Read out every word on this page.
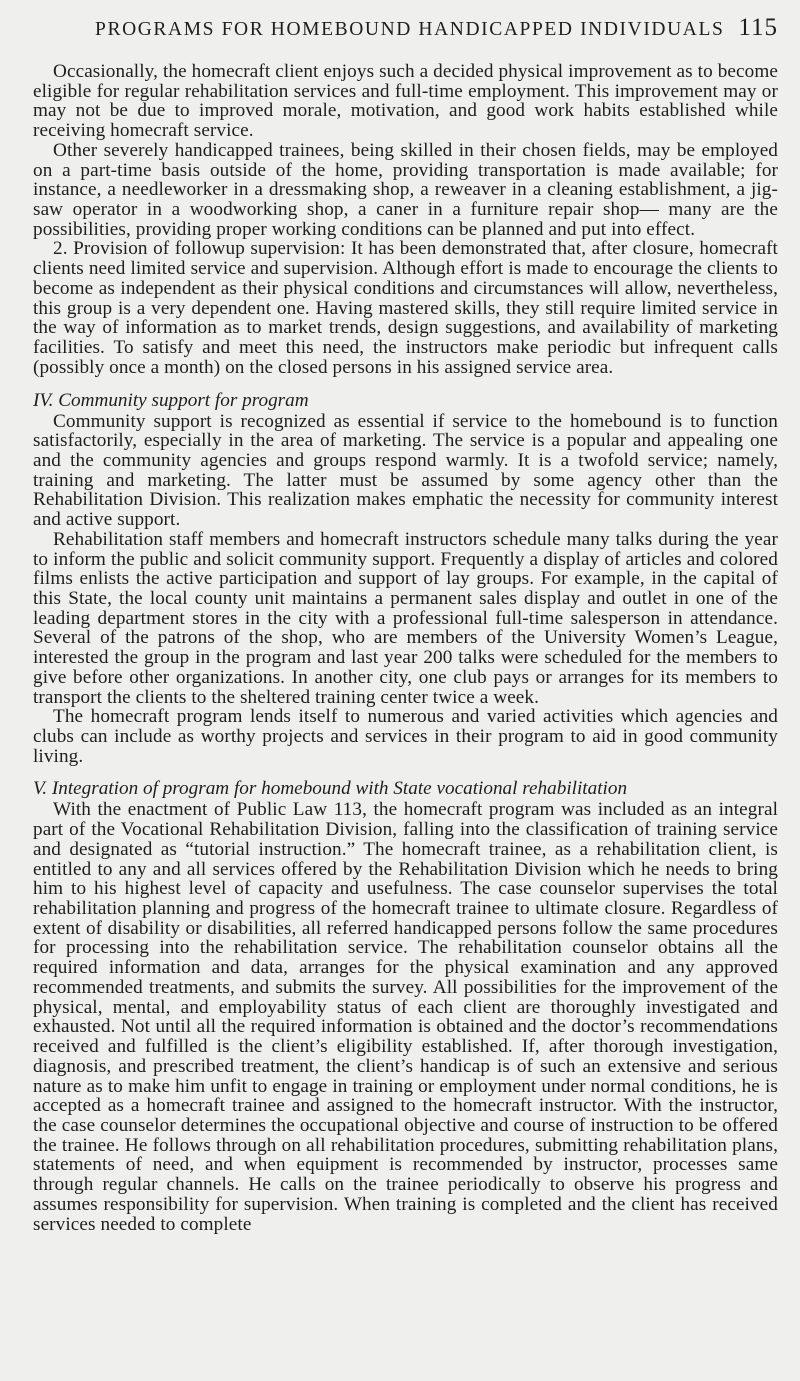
PROGRAMS FOR HOMEBOUND HANDICAPPED INDIVIDUALS 115

Occasionally, the homecraft client enjoys such a decided physical improvement as to become eligible for regular rehabilitation services and full-time employment. This improvement may or may not be due to improved morale, motivation, and good work habits established while receiving homecraft service.

Other severely handicapped trainees, being skilled in their chosen fields, may be employed on a part-time basis outside of the home, providing transportation is made available; for instance, a needleworker in a dressmaking shop, a reweaver in a cleaning establishment, a jig-saw operator in a woodworking shop, a caner in a furniture repair shop— many are the possibilities, providing proper working conditions can be planned and put into effect.

2. Provision of followup supervision: It has been demonstrated that, after closure, homecraft clients need limited service and supervision. Although effort is made to encourage the clients to become as independent as their physical conditions and circumstances will allow, nevertheless, this group is a very dependent one. Having mastered skills, they still require limited service in the way of information as to market trends, design suggestions, and availability of marketing facilities. To satisfy and meet this need, the instructors make periodic but infrequent calls (possibly once a month) on the closed persons in his assigned service area.

IV. Community support for program

Community support is recognized as essential if service to the homebound is to function satisfactorily, especially in the area of marketing. The service is a popular and appealing one and the community agencies and groups respond warmly. It is a twofold service; namely, training and marketing. The latter must be assumed by some agency other than the Rehabilitation Division. This realization makes emphatic the necessity for community interest and active support.

Rehabilitation staff members and homecraft instructors schedule many talks during the year to inform the public and solicit community support. Frequently a display of articles and colored films enlists the active participation and support of lay groups. For example, in the capital of this State, the local county unit maintains a permanent sales display and outlet in one of the leading department stores in the city with a professional full-time salesperson in attendance. Several of the patrons of the shop, who are members of the University Women’s League, interested the group in the program and last year 200 talks were scheduled for the members to give before other organizations. In another city, one club pays or arranges for its members to transport the clients to the sheltered training center twice a week.

The homecraft program lends itself to numerous and varied activities which agencies and clubs can include as worthy projects and services in their program to aid in good community living.

V. Integration of program for homebound with State vocational rehabilitation

With the enactment of Public Law 113, the homecraft program was included as an integral part of the Vocational Rehabilitation Division, falling into the classification of training service and designated as “tutorial instruction.” The homecraft trainee, as a rehabilitation client, is entitled to any and all services offered by the Rehabilitation Division which he needs to bring him to his highest level of capacity and usefulness. The case counselor supervises the total rehabilitation planning and progress of the homecraft trainee to ultimate closure. Regardless of extent of disability or disabilities, all referred handicapped persons follow the same procedures for processing into the rehabilitation service. The rehabilitation counselor obtains all the required information and data, arranges for the physical examination and any approved recommended treatments, and submits the survey. All possibilities for the improvement of the physical, mental, and employability status of each client are thoroughly investigated and exhausted. Not until all the required information is obtained and the doctor’s recommendations received and fulfilled is the client’s eligibility established. If, after thorough investigation, diagnosis, and prescribed treatment, the client’s handicap is of such an extensive and serious nature as to make him unfit to engage in training or employment under normal conditions, he is accepted as a homecraft trainee and assigned to the homecraft instructor. With the instructor, the case counselor determines the occupational objective and course of instruction to be offered the trainee. He follows through on all rehabilitation procedures, submitting rehabilitation plans, statements of need, and when equipment is recommended by instructor, processes same through regular channels. He calls on the trainee periodically to observe his progress and assumes responsibility for supervision. When training is completed and the client has received services needed to complete
